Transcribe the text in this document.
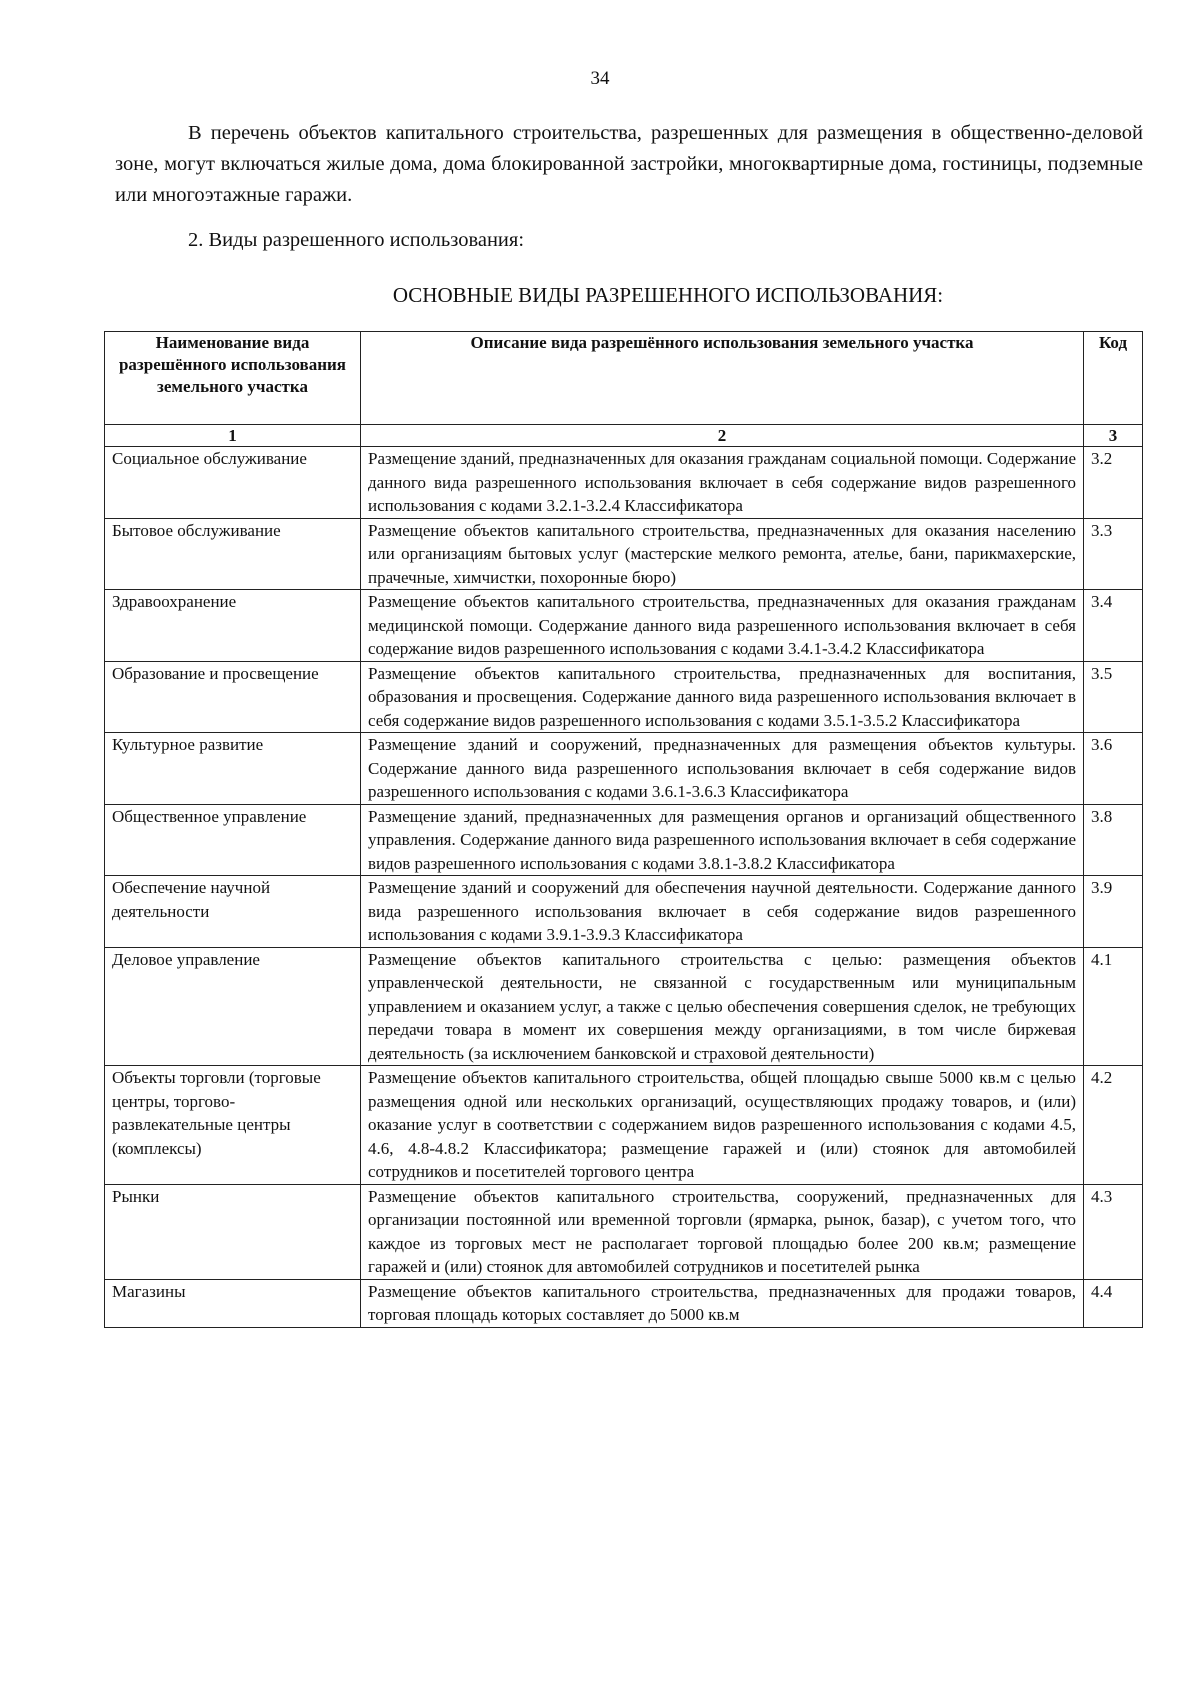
34

В перечень объектов капитального строительства, разрешенных для размещения в общественно-деловой зоне, могут включаться жилые дома, дома блокированной застройки, многоквартирные дома, гостиницы, подземные или многоэтажные гаражи.

2. Виды разрешенного использования:

ОСНОВНЫЕ ВИДЫ РАЗРЕШЕННОГО ИСПОЛЬЗОВАНИЯ:
Наименование вида разрешённого использования земельного участка	Описание вида разрешённого использования земельного участка	Код
1	2	3
Социальное обслуживание	Размещение зданий, предназначенных для оказания гражданам социальной помощи. Содержание данного вида разрешенного использования включает в себя содержание видов разрешенного использования с кодами 3.2.1-3.2.4 Классификатора	3.2
Бытовое обслуживание	Размещение объектов капитального строительства, предназначенных для оказания населению или организациям бытовых услуг (мастерские мелкого ремонта, ателье, бани, парикмахерские, прачечные, химчистки, похоронные бюро)	3.3
Здравоохранение	Размещение объектов капитального строительства, предназначенных для оказания гражданам медицинской помощи. Содержание данного вида разрешенного использования включает в себя содержание видов разрешенного использования с кодами 3.4.1-3.4.2 Классификатора	3.4
Образование и просвещение	Размещение объектов капитального строительства, предназначенных для воспитания, образования и просвещения. Содержание данного вида разрешенного использования включает в себя содержание видов разрешенного использования с кодами 3.5.1-3.5.2 Классификатора	3.5
Культурное развитие	Размещение зданий и сооружений, предназначенных для размещения объектов культуры. Содержание данного вида разрешенного использования включает в себя содержание видов разрешенного использования с кодами 3.6.1-3.6.3 Классификатора	3.6
Общественное управление	Размещение зданий, предназначенных для размещения органов и организаций общественного управления. Содержание данного вида разрешенного использования включает в себя содержание видов разрешенного использования с кодами 3.8.1-3.8.2 Классификатора	3.8
Обеспечение научной деятельности	Размещение зданий и сооружений для обеспечения научной деятельности. Содержание данного вида разрешенного использования включает в себя содержание видов разрешенного использования с кодами 3.9.1-3.9.3 Классификатора	3.9
Деловое управление	Размещение объектов капитального строительства с целью: размещения объектов управленческой деятельности, не связанной с государственным или муниципальным управлением и оказанием услуг, а также с целью обеспечения совершения сделок, не требующих передачи товара в момент их совершения между организациями, в том числе биржевая деятельность (за исключением банковской и страховой деятельности)	4.1
Объекты торговли (торговые центры, торгово-развлекательные центры (комплексы)	Размещение объектов капитального строительства, общей площадью свыше 5000 кв.м с целью размещения одной или нескольких организаций, осуществляющих продажу товаров, и (или) оказание услуг в соответствии с содержанием видов разрешенного использования с кодами 4.5, 4.6, 4.8-4.8.2 Классификатора; размещение гаражей и (или) стоянок для автомобилей сотрудников и посетителей торгового центра	4.2
Рынки	Размещение объектов капитального строительства, сооружений, предназначенных для организации постоянной или временной торговли (ярмарка, рынок, базар), с учетом того, что каждое из торговых мест не располагает торговой площадью более 200 кв.м; размещение гаражей и (или) стоянок для автомобилей сотрудников и посетителей рынка	4.3
Магазины	Размещение объектов капитального строительства, предназначенных для продажи товаров, торговая площадь которых составляет до 5000 кв.м	4.4
